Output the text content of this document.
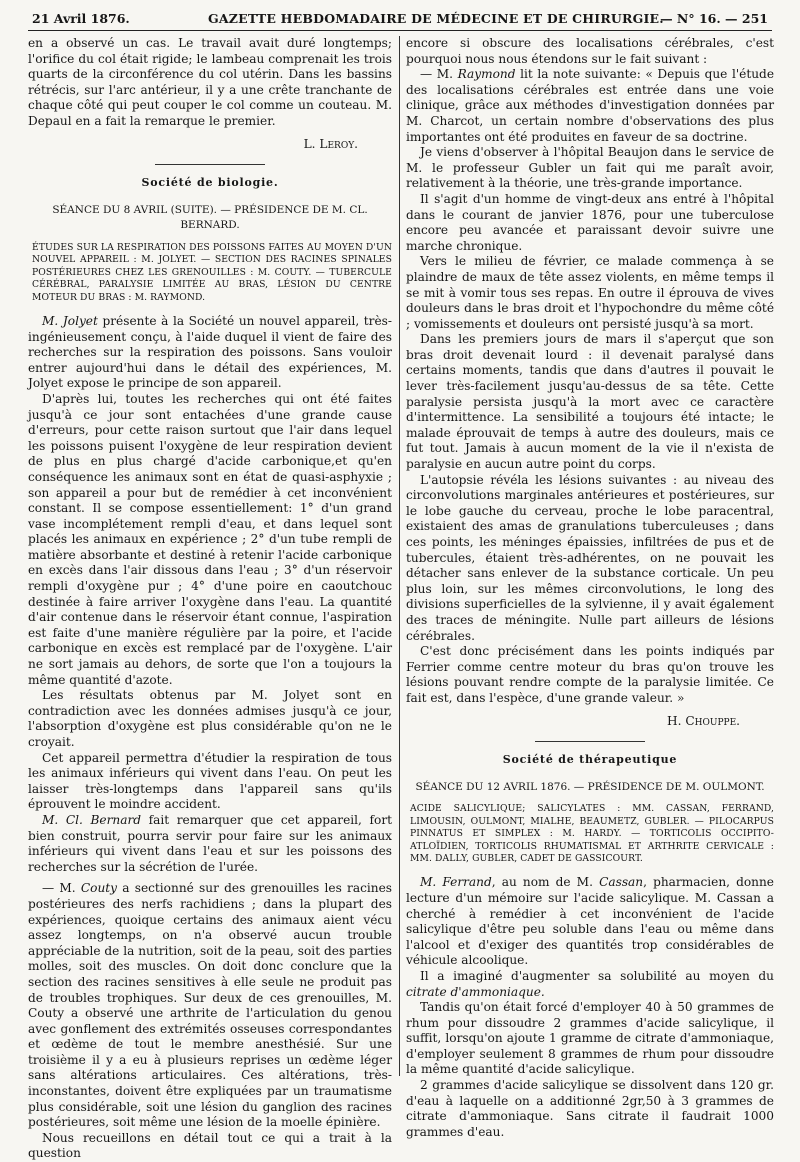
21 Avril 1876.	GAZETTE HEBDOMADAIRE DE MÉDECINE ET DE CHIRURGIE.
— N° 16. — 251

en a observé un cas. Le travail avait duré longtemps; l'orifice du col était rigide; le lambeau comprenait les trois quarts de la circonférence du col utérin. Dans les bassins rétrécis, sur l'arc antérieur, il y a une crête tranchante de chaque côté qui peut couper le col comme un couteau. M. Depaul en a fait la remarque le premier.

L. Leroy.

Société de biologie.

SÉANCE DU 8 AVRIL (SUITE). — PRÉSIDENCE DE M. CL. BERNARD.

ÉTUDES SUR LA RESPIRATION DES POISSONS FAITES AU MOYEN D'UN NOUVEL APPAREIL : M. JOLYET. — SECTION DES RACINES SPINALES POSTÉRIEURES CHEZ LES GRENOUILLES : M. COUTY. — TUBERCULE CÉRÉBRAL, PARALYSIE LIMITÉE AU BRAS, LÉSION DU CENTRE MOTEUR DU BRAS : M. RAYMOND.

M. Jolyet présente à la Société un nouvel appareil, très-ingénieusement conçu, à l'aide duquel il vient de faire des recherches sur la respiration des poissons. Sans vouloir entrer aujourd'hui dans le détail des expériences, M. Jolyet expose le principe de son appareil.

D'après lui, toutes les recherches qui ont été faites jusqu'à ce jour sont entachées d'une grande cause d'erreurs, pour cette raison surtout que l'air dans lequel les poissons puisent l'oxygène de leur respiration devient de plus en plus chargé d'acide carbonique,et qu'en conséquence les animaux sont en état de quasi-asphyxie ; son appareil a pour but de remédier à cet inconvénient constant. Il se compose essentiellement: 1° d'un grand vase incomplétement rempli d'eau, et dans lequel sont placés les animaux en expérience ; 2° d'un tube rempli de matière absorbante et destiné à retenir l'acide carbonique en excès dans l'air dissous dans l'eau ; 3° d'un réservoir rempli d'oxygène pur ; 4° d'une poire en caoutchouc destinée à faire arriver l'oxygène dans l'eau. La quantité d'air contenue dans le réservoir étant connue, l'aspiration est faite d'une manière régulière par la poire, et l'acide carbonique en excès est remplacé par de l'oxygène. L'air ne sort jamais au dehors, de sorte que l'on a toujours la même quantité d'azote.

Les résultats obtenus par M. Jolyet sont en contradiction avec les données admises jusqu'à ce jour, l'absorption d'oxygène est plus considérable qu'on ne le croyait.

Cet appareil permettra d'étudier la respiration de tous les animaux inférieurs qui vivent dans l'eau. On peut les laisser très-longtemps dans l'appareil sans qu'ils éprouvent le moindre accident.

M. Cl. Bernard fait remarquer que cet appareil, fort bien construit, pourra servir pour faire sur les animaux inférieurs qui vivent dans l'eau et sur les poissons des recherches sur la sécrétion de l'urée.

— M. Couty a sectionné sur des grenouilles les racines postérieures des nerfs rachidiens ; dans la plupart des expériences, quoique certains des animaux aient vécu assez longtemps, on n'a observé aucun trouble appréciable de la nutrition, soit de la peau, soit des parties molles, soit des muscles. On doit donc conclure que la section des racines sensitives à elle seule ne produit pas de troubles trophiques. Sur deux de ces grenouilles, M. Couty a observé une arthrite de l'articulation du genou avec gonflement des extrémités osseuses correspondantes et œdème de tout le membre anesthésié. Sur une troisième il y a eu à plusieurs reprises un œdème léger sans altérations articulaires. Ces altérations, très-inconstantes, doivent être expliquées par un traumatisme plus considérable, soit une lésion du ganglion des racines postérieures, soit même une lésion de la moelle épinière.

Nous recueillons en détail tout ce qui a trait à la question

encore si obscure des localisations cérébrales, c'est pourquoi nous nous étendons sur le fait suivant :

— M. Raymond lit la note suivante: « Depuis que l'étude des localisations cérébrales est entrée dans une voie clinique, grâce aux méthodes d'investigation données par M. Charcot, un certain nombre d'observations des plus importantes ont été produites en faveur de sa doctrine.

Je viens d'observer à l'hôpital Beaujon dans le service de M. le professeur Gubler un fait qui me paraît avoir, relativement à la théorie, une très-grande importance.

Il s'agit d'un homme de vingt-deux ans entré à l'hôpital dans le courant de janvier 1876, pour une tuberculose encore peu avancée et paraissant devoir suivre une marche chronique.

Vers le milieu de février, ce malade commença à se plaindre de maux de tête assez violents, en même temps il se mit à vomir tous ses repas. En outre il éprouva de vives douleurs dans le bras droit et l'hypochondre du même côté ; vomissements et douleurs ont persisté jusqu'à sa mort.

Dans les premiers jours de mars il s'aperçut que son bras droit devenait lourd : il devenait paralysé dans certains moments, tandis que dans d'autres il pouvait le lever très-facilement jusqu'au-dessus de sa tête. Cette paralysie persista jusqu'à la mort avec ce caractère d'intermittence. La sensibilité a toujours été intacte; le malade éprouvait de temps à autre des douleurs, mais ce fut tout. Jamais à aucun moment de la vie il n'exista de paralysie en aucun autre point du corps.

L'autopsie révéla les lésions suivantes : au niveau des circonvolutions marginales antérieures et postérieures, sur le lobe gauche du cerveau, proche le lobe paracentral, existaient des amas de granulations tuberculeuses ; dans ces points, les méninges épaissies, infiltrées de pus et de tubercules, étaient très-adhérentes, on ne pouvait les détacher sans enlever de la substance corticale. Un peu plus loin, sur les mêmes circonvolutions, le long des divisions superficielles de la sylvienne, il y avait également des traces de méningite. Nulle part ailleurs de lésions cérébrales.

C'est donc précisément dans les points indiqués par Ferrier comme centre moteur du bras qu'on trouve les lésions pouvant rendre compte de la paralysie limitée. Ce fait est, dans l'espèce, d'une grande valeur. »

H. Chouppe.

Société de thérapeutique

SÉANCE DU 12 AVRIL 1876. — PRÉSIDENCE DE M. OULMONT.

ACIDE SALICYLIQUE; SALICYLATES : MM. CASSAN, FERRAND, LIMOUSIN, OULMONT, MIALHE, BEAUMETZ, GUBLER. — PILOCARPUS PINNATUS ET SIMPLEX : M. HARDY. — TORTICOLIS OCCIPITO-ATLOÏDIEN, TORTICOLIS RHUMATISMAL ET ARTHRITE CERVICALE : MM. DALLY, GUBLER, CADET DE GASSICOURT.

M. Ferrand, au nom de M. Cassan, pharmacien, donne lecture d'un mémoire sur l'acide salicylique. M. Cassan a cherché à remédier à cet inconvénient de l'acide salicylique d'être peu soluble dans l'eau ou même dans l'alcool et d'exiger des quantités trop considérables de véhicule alcoolique.

Il a imaginé d'augmenter sa solubilité au moyen du citrate d'ammoniaque.

Tandis qu'on était forcé d'employer 40 à 50 grammes de rhum pour dissoudre 2 grammes d'acide salicylique, il suffit, lorsqu'on ajoute 1 gramme de citrate d'ammoniaque, d'employer seulement 8 grammes de rhum pour dissoudre la même quantité d'acide salicylique.

2 grammes d'acide salicylique se dissolvent dans 120 gr. d'eau à laquelle on a additionné 2gr,50 à 3 grammes de citrate d'ammoniaque. Sans citrate il faudrait 1000 grammes d'eau.
